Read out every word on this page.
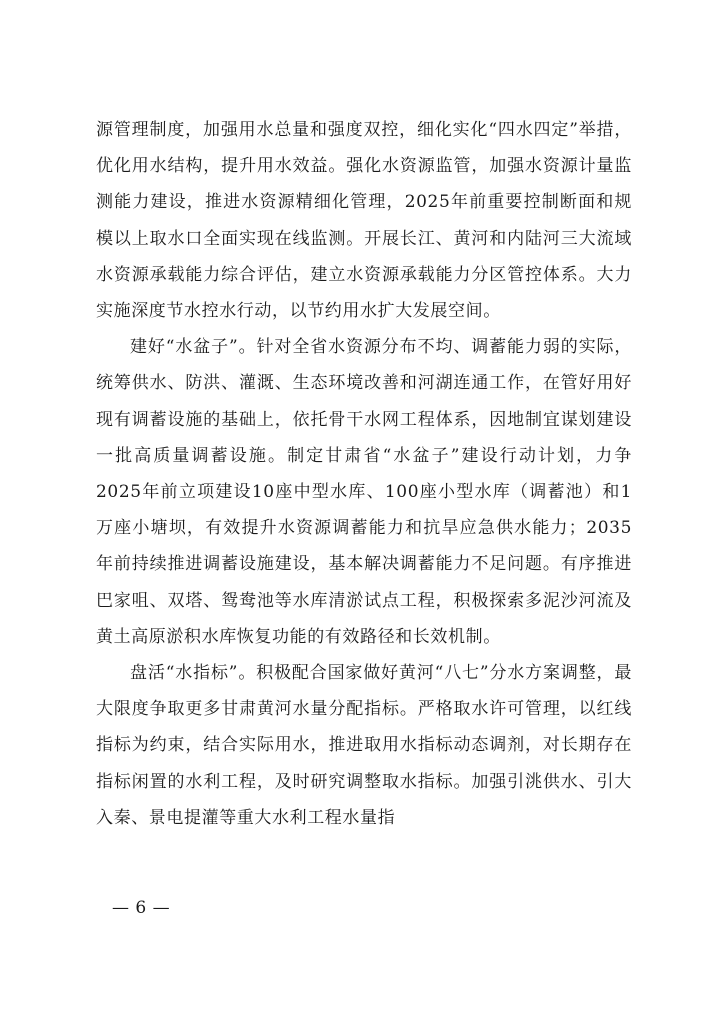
源管理制度，加强用水总量和强度双控，细化实化“四水四定”举措，优化用水结构，提升用水效益。强化水资源监管，加强水资源计量监测能力建设，推进水资源精细化管理，2025年前重要控制断面和规模以上取水口全面实现在线监测。开展长江、黄河和内陆河三大流域水资源承载能力综合评估，建立水资源承载能力分区管控体系。大力实施深度节水控水行动，以节约用水扩大发展空间。

建好“水盆子”。针对全省水资源分布不均、调蓄能力弱的实际，统筹供水、防洪、灌溉、生态环境改善和河湖连通工作，在管好用好现有调蓄设施的基础上，依托骨干水网工程体系，因地制宜谋划建设一批高质量调蓄设施。制定甘肃省“水盆子”建设行动计划，力争2025年前立项建设10座中型水库、100座小型水库（调蓄池）和1万座小塘坝，有效提升水资源调蓄能力和抗旱应急供水能力；2035年前持续推进调蓄设施建设，基本解决调蓄能力不足问题。有序推进巴家咀、双塔、鸳鸯池等水库清淤试点工程，积极探索多泥沙河流及黄土高原淤积水库恢复功能的有效路径和长效机制。

盘活“水指标”。积极配合国家做好黄河“八七”分水方案调整，最大限度争取更多甘肃黄河水量分配指标。严格取水许可管理，以红线指标为约束，结合实际用水，推进取用水指标动态调剂，对长期存在指标闲置的水利工程，及时研究调整取水指标。加强引洮供水、引大入秦、景电提灌等重大水利工程水量指

— 6 —
